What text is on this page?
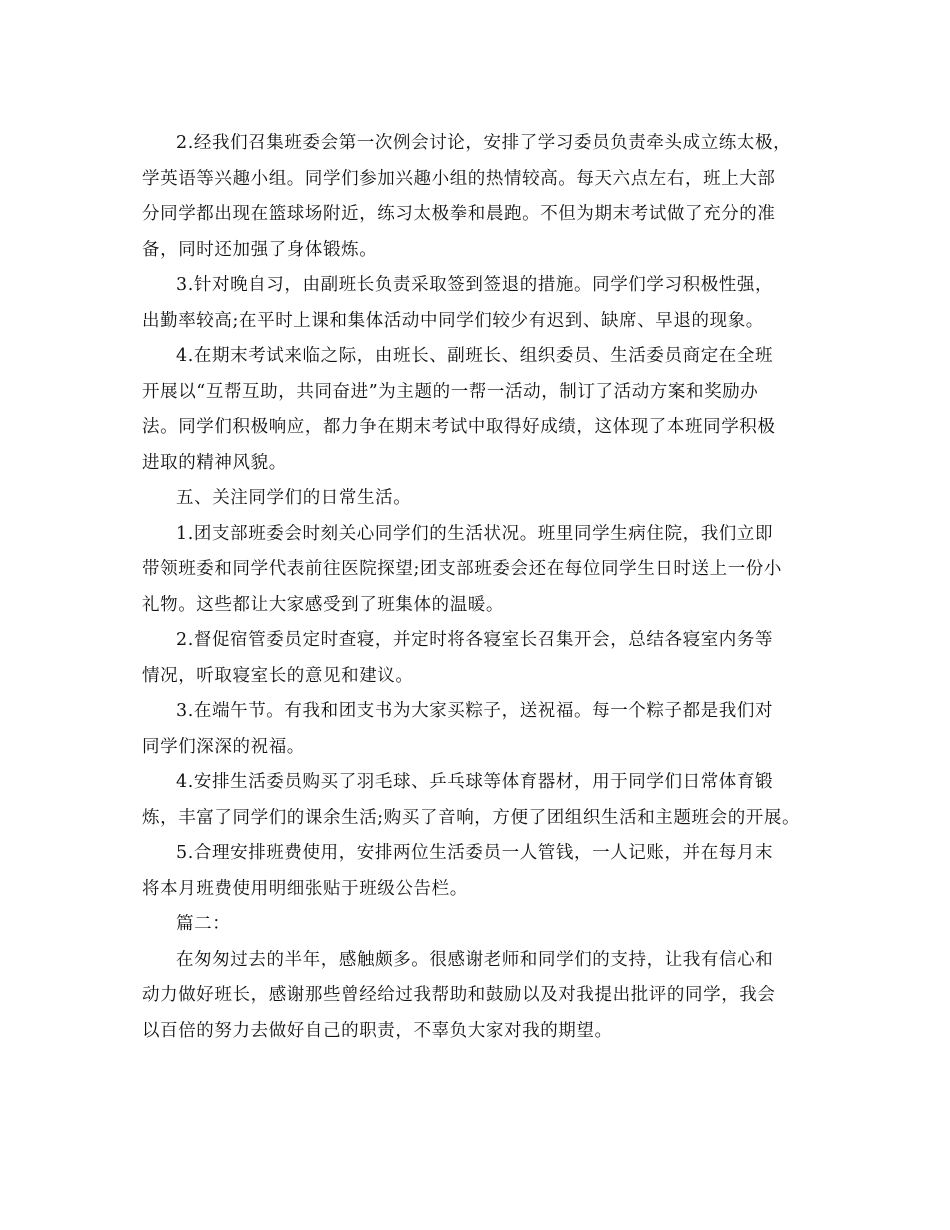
2.经我们召集班委会第一次例会讨论，安排了学习委员负责牵头成立练太极，
学英语等兴趣小组。同学们参加兴趣小组的热情较高。每天六点左右，班上大部
分同学都出现在篮球场附近，练习太极拳和晨跑。不但为期末考试做了充分的准
备，同时还加强了身体锻炼。

3.针对晚自习，由副班长负责采取签到签退的措施。同学们学习积极性强，
出勤率较高;在平时上课和集体活动中同学们较少有迟到、缺席、早退的现象。

4.在期末考试来临之际，由班长、副班长、组织委员、生活委员商定在全班
开展以“互帮互助，共同奋进”为主题的一帮一活动，制订了活动方案和奖励办
法。同学们积极响应，都力争在期末考试中取得好成绩，这体现了本班同学积极
进取的精神风貌。

五、关注同学们的日常生活。

1.团支部班委会时刻关心同学们的生活状况。班里同学生病住院，我们立即
带领班委和同学代表前往医院探望;团支部班委会还在每位同学生日时送上一份小
礼物。这些都让大家感受到了班集体的温暖。

2.督促宿管委员定时查寝，并定时将各寝室长召集开会，总结各寝室内务等
情况，听取寝室长的意见和建议。

3.在端午节。有我和团支书为大家买粽子，送祝福。每一个粽子都是我们对
同学们深深的祝福。

4.安排生活委员购买了羽毛球、乒乓球等体育器材，用于同学们日常体育锻
炼，丰富了同学们的课余生活;购买了音响，方便了团组织生活和主题班会的开展。

5.合理安排班费使用，安排两位生活委员一人管钱，一人记账，并在每月末
将本月班费使用明细张贴于班级公告栏。

篇二：

在匆匆过去的半年，感触颇多。很感谢老师和同学们的支持，让我有信心和
动力做好班长，感谢那些曾经给过我帮助和鼓励以及对我提出批评的同学，我会
以百倍的努力去做好自己的职责，不辜负大家对我的期望。
